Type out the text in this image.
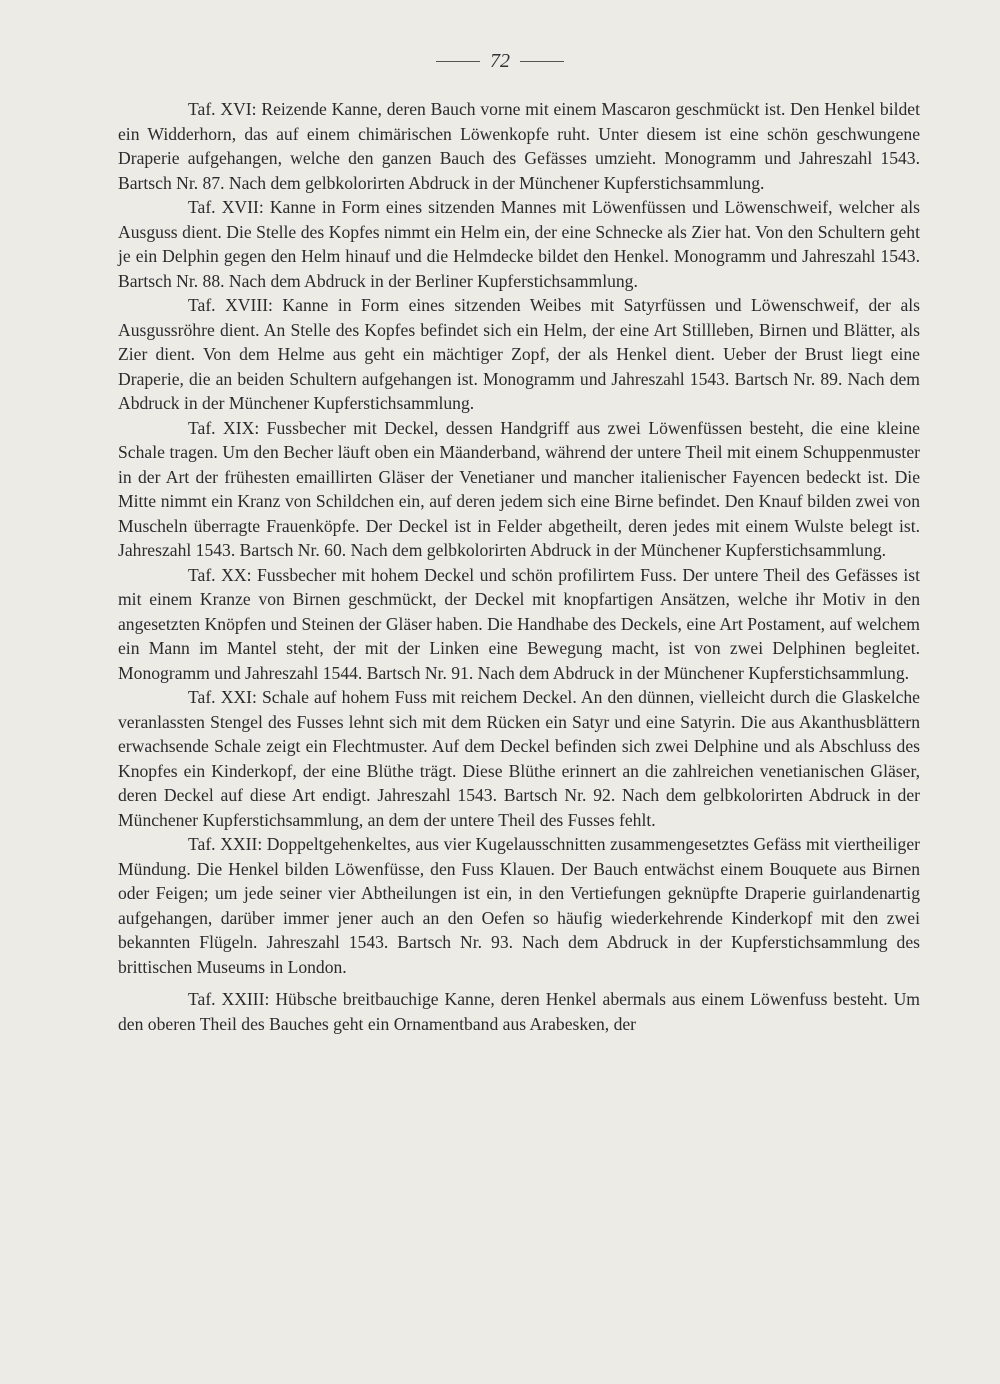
72

Taf. XVI: Reizende Kanne, deren Bauch vorne mit einem Mascaron geschmückt ist. Den Henkel bildet ein Widderhorn, das auf einem chimärischen Löwenkopfe ruht. Unter diesem ist eine schön geschwungene Draperie aufgehangen, welche den ganzen Bauch des Gefässes umzieht. Monogramm und Jahreszahl 1543. Bartsch Nr. 87. Nach dem gelbkolorirten Abdruck in der Münchener Kupferstichsammlung.

Taf. XVII: Kanne in Form eines sitzenden Mannes mit Löwenfüssen und Löwenschweif, welcher als Ausguss dient. Die Stelle des Kopfes nimmt ein Helm ein, der eine Schnecke als Zier hat. Von den Schultern geht je ein Delphin gegen den Helm hinauf und die Helmdecke bildet den Henkel. Monogramm und Jahreszahl 1543. Bartsch Nr. 88. Nach dem Abdruck in der Berliner Kupferstichsammlung.

Taf. XVIII: Kanne in Form eines sitzenden Weibes mit Satyrfüssen und Löwenschweif, der als Ausgussröhre dient. An Stelle des Kopfes befindet sich ein Helm, der eine Art Stillleben, Birnen und Blätter, als Zier dient. Von dem Helme aus geht ein mächtiger Zopf, der als Henkel dient. Ueber der Brust liegt eine Draperie, die an beiden Schultern aufgehangen ist. Monogramm und Jahreszahl 1543. Bartsch Nr. 89. Nach dem Abdruck in der Münchener Kupferstichsammlung.

Taf. XIX: Fussbecher mit Deckel, dessen Handgriff aus zwei Löwenfüssen besteht, die eine kleine Schale tragen. Um den Becher läuft oben ein Mäanderband, während der untere Theil mit einem Schuppenmuster in der Art der frühesten emaillirten Gläser der Venetianer und mancher italienischer Fayencen bedeckt ist. Die Mitte nimmt ein Kranz von Schildchen ein, auf deren jedem sich eine Birne befindet. Den Knauf bilden zwei von Muscheln überragte Frauenköpfe. Der Deckel ist in Felder abgetheilt, deren jedes mit einem Wulste belegt ist. Jahreszahl 1543. Bartsch Nr. 60. Nach dem gelbkolorirten Abdruck in der Münchener Kupferstichsammlung.

Taf. XX: Fussbecher mit hohem Deckel und schön profilirtem Fuss. Der untere Theil des Gefässes ist mit einem Kranze von Birnen geschmückt, der Deckel mit knopfartigen Ansätzen, welche ihr Motiv in den angesetzten Knöpfen und Steinen der Gläser haben. Die Handhabe des Deckels, eine Art Postament, auf welchem ein Mann im Mantel steht, der mit der Linken eine Bewegung macht, ist von zwei Delphinen begleitet. Monogramm und Jahreszahl 1544. Bartsch Nr. 91. Nach dem Abdruck in der Münchener Kupferstichsammlung.

Taf. XXI: Schale auf hohem Fuss mit reichem Deckel. An den dünnen, vielleicht durch die Glaskelche veranlassten Stengel des Fusses lehnt sich mit dem Rücken ein Satyr und eine Satyrin. Die aus Akanthusblättern erwachsende Schale zeigt ein Flechtmuster. Auf dem Deckel befinden sich zwei Delphine und als Abschluss des Knopfes ein Kinderkopf, der eine Blüthe trägt. Diese Blüthe erinnert an die zahlreichen venetianischen Gläser, deren Deckel auf diese Art endigt. Jahreszahl 1543. Bartsch Nr. 92. Nach dem gelbkolorirten Abdruck in der Münchener Kupferstichsammlung, an dem der untere Theil des Fusses fehlt.

Taf. XXII: Doppeltgehenkeltes, aus vier Kugelausschnitten zusammengesetztes Gefäss mit viertheiliger Mündung. Die Henkel bilden Löwenfüsse, den Fuss Klauen. Der Bauch entwächst einem Bouquete aus Birnen oder Feigen; um jede seiner vier Abtheilungen ist ein, in den Vertiefungen geknüpfte Draperie guirlandenartig aufgehangen, darüber immer jener auch an den Oefen so häufig wiederkehrende Kinderkopf mit den zwei bekannten Flügeln. Jahreszahl 1543. Bartsch Nr. 93. Nach dem Abdruck in der Kupferstichsammlung des brittischen Museums in London.

Taf. XXIII: Hübsche breitbauchige Kanne, deren Henkel abermals aus einem Löwenfuss besteht. Um den oberen Theil des Bauches geht ein Ornamentband aus Arabesken, der
